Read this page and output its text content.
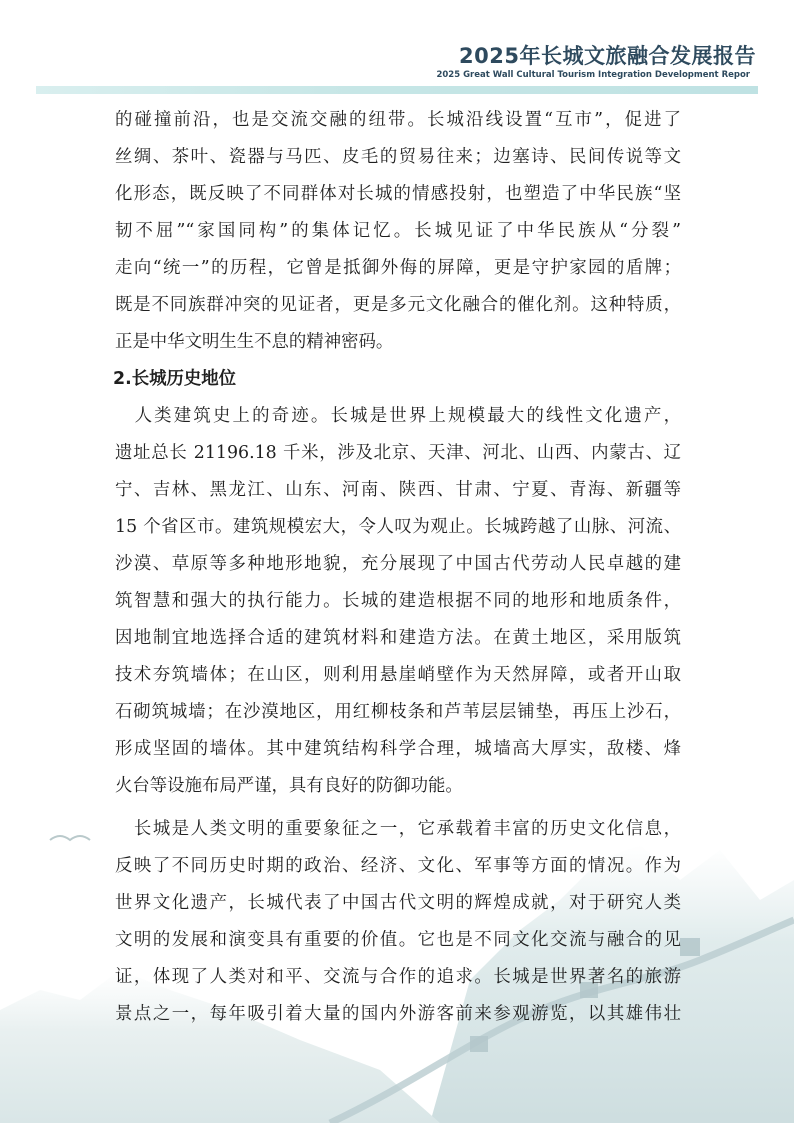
2025年长城文旅融合发展报告
2025 Great Wall Cultural Tourism Integration Development Repor
的碰撞前沿，也是交流交融的纽带。长城沿线设置“互市”，促进了
丝绸、茶叶、瓷器与马匹、皮毛的贸易往来；边塞诗、民间传说等文
化形态，既反映了不同群体对长城的情感投射，也塑造了中华民族“坚
韧不屈”“家国同构”的集体记忆。长城见证了中华民族从“分裂”
走向“统一”的历程，它曾是抵御外侮的屏障，更是守护家园的盾牌；
既是不同族群冲突的见证者，更是多元文化融合的催化剂。这种特质，
正是中华文明生生不息的精神密码。
2.长城历史地位
　人类建筑史上的奇迹。长城是世界上规模最大的线性文化遗产，
遗址总长 21196.18 千米，涉及北京、天津、河北、山西、内蒙古、辽
宁、吉林、黑龙江、山东、河南、陕西、甘肃、宁夏、青海、新疆等
15 个省区市。建筑规模宏大，令人叹为观止。长城跨越了山脉、河流、
沙漠、草原等多种地形地貌，充分展现了中国古代劳动人民卓越的建
筑智慧和强大的执行能力。长城的建造根据不同的地形和地质条件，
因地制宜地选择合适的建筑材料和建造方法。在黄土地区，采用版筑
技术夯筑墙体；在山区，则利用悬崖峭壁作为天然屏障，或者开山取
石砌筑城墙；在沙漠地区，用红柳枝条和芦苇层层铺垫，再压上沙石，
形成坚固的墙体。其中建筑结构科学合理，城墙高大厚实，敌楼、烽
火台等设施布局严谨，具有良好的防御功能。
　长城是人类文明的重要象征之一，它承载着丰富的历史文化信息，
反映了不同历史时期的政治、经济、文化、军事等方面的情况。作为
世界文化遗产，长城代表了中国古代文明的辉煌成就，对于研究人类
文明的发展和演变具有重要的价值。它也是不同文化交流与融合的见
证，体现了人类对和平、交流与合作的追求。长城是世界著名的旅游
景点之一，每年吸引着大量的国内外游客前来参观游览，以其雄伟壮
